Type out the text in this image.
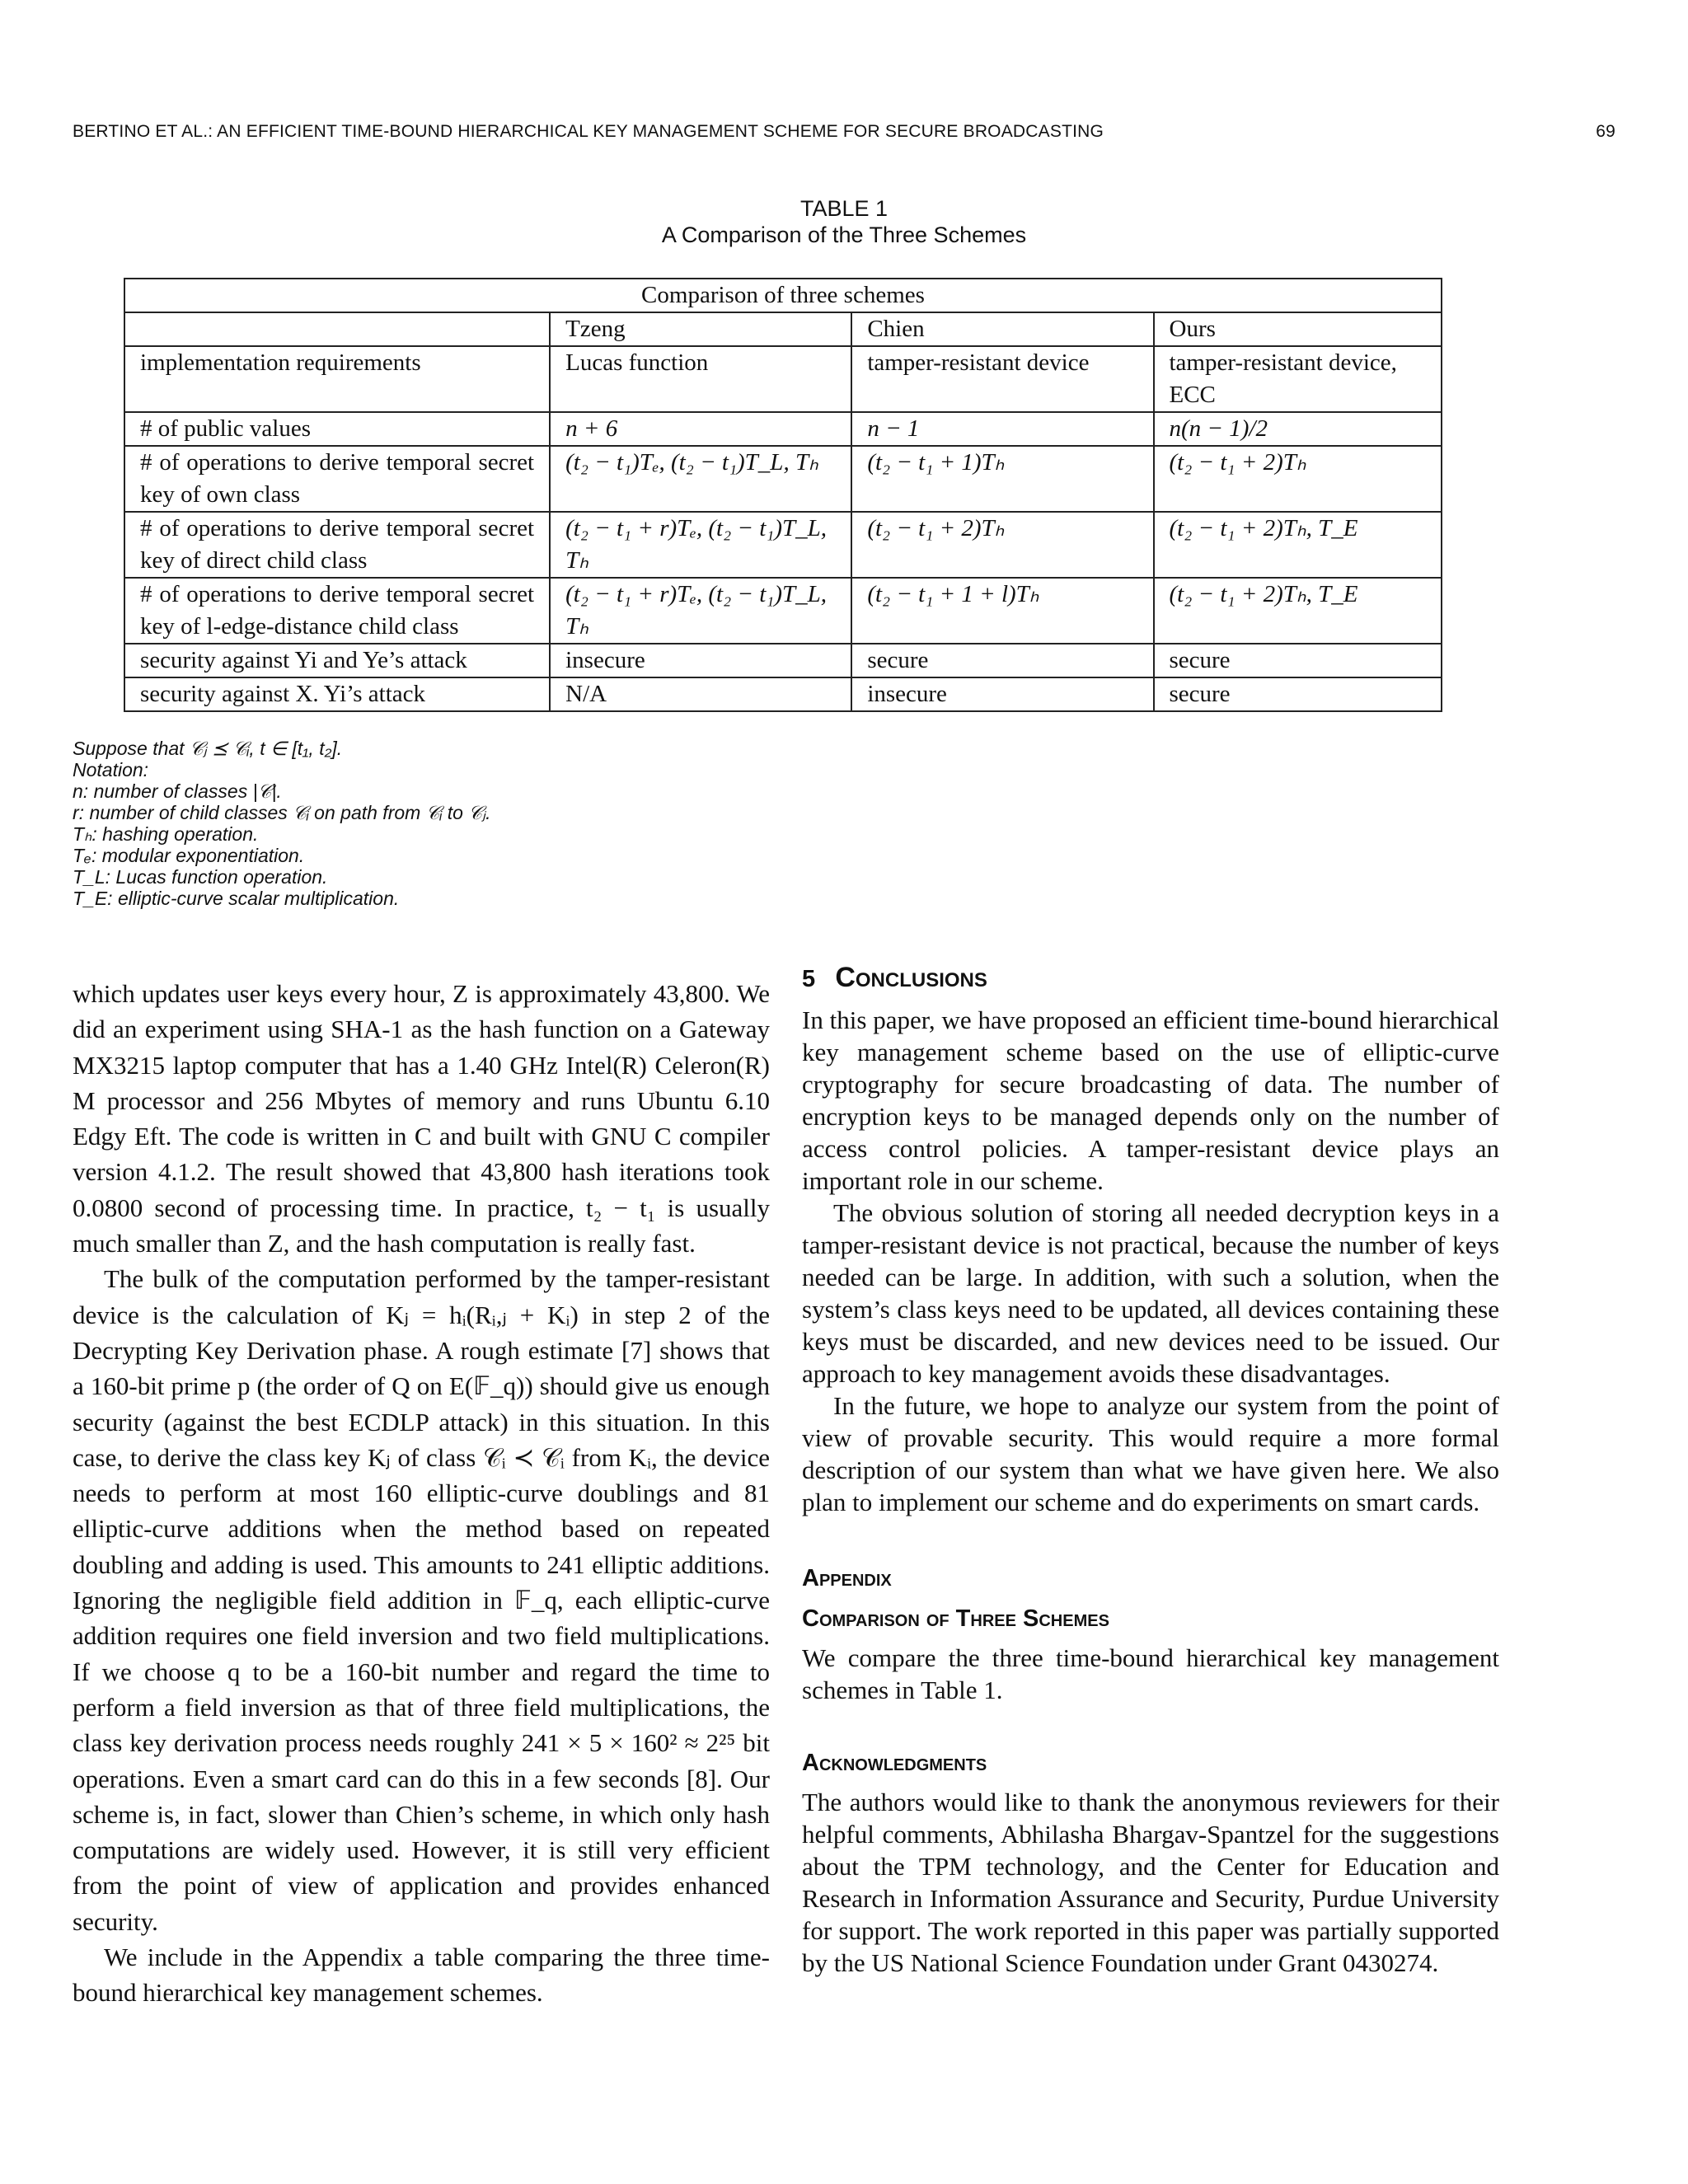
BERTINO ET AL.: AN EFFICIENT TIME-BOUND HIERARCHICAL KEY MANAGEMENT SCHEME FOR SECURE BROADCASTING	69
TABLE 1
A Comparison of the Three Schemes
Comparison of three schemes			
	Tzeng	Chien	Ours
implementation requirements	Lucas function	tamper-resistant device	tamper-resistant device, ECC
# of public values	n + 6	n − 1	n(n − 1)/2
# of operations to derive temporal secret key of own class	(t₂ − t₁)Tₑ, (t₂ − t₁)T_L, Tₕ	(t₂ − t₁ + 1)Tₕ	(t₂ − t₁ + 2)Tₕ
# of operations to derive temporal secret key of direct child class	(t₂ − t₁ + r)Tₑ, (t₂ − t₁)T_L, Tₕ	(t₂ − t₁ + 2)Tₕ	(t₂ − t₁ + 2)Tₕ, T_E
# of operations to derive temporal secret key of l-edge-distance child class	(t₂ − t₁ + r)Tₑ, (t₂ − t₁)T_L, Tₕ	(t₂ − t₁ + 1 + l)Tₕ	(t₂ − t₁ + 2)Tₕ, T_E
security against Yi and Ye’s attack	insecure	secure	secure
security against X. Yi’s attack	N/A	insecure	secure
Suppose that 𝒞ⱼ ⪯ 𝒞ᵢ, t ∈ [t₁, t₂].
Notation:
n: number of classes |𝒞|.
r: number of child classes 𝒞ᵢ on path from 𝒞ᵢ to 𝒞ⱼ.
Tₕ: hashing operation.
Tₑ: modular exponentiation.
T_L: Lucas function operation.
T_E: elliptic-curve scalar multiplication.

which updates user keys every hour, Z is approximately 43,800. We did an experiment using SHA-1 as the hash function on a Gateway MX3215 laptop computer that has a 1.40 GHz Intel(R) Celeron(R) M processor and 256 Mbytes of memory and runs Ubuntu 6.10 Edgy Eft. The code is written in C and built with GNU C compiler version 4.1.2. The result showed that 43,800 hash iterations took 0.0800 second of processing time. In practice, t₂ − t₁ is usually much smaller than Z, and the hash computation is really fast.

The bulk of the computation performed by the tamper-resistant device is the calculation of Kⱼ = hᵢ(Rᵢ,ⱼ + Kᵢ) in step 2 of the Decrypting Key Derivation phase. A rough estimate [7] shows that a 160-bit prime p (the order of Q on E(𝔽_q)) should give us enough security (against the best ECDLP attack) in this situation. In this case, to derive the class key Kⱼ of class 𝒞ᵢ ≺ 𝒞ᵢ from Kᵢ, the device needs to perform at most 160 elliptic-curve doublings and 81 elliptic-curve additions when the method based on repeated doubling and adding is used. This amounts to 241 elliptic additions. Ignoring the negligible field addition in 𝔽_q, each elliptic-curve addition requires one field inversion and two field multiplications. If we choose q to be a 160-bit number and regard the time to perform a field inversion as that of three field multiplications, the class key derivation process needs roughly 241 × 5 × 160² ≈ 2²⁵ bit operations. Even a smart card can do this in a few seconds [8]. Our scheme is, in fact, slower than Chien’s scheme, in which only hash computations are widely used. However, it is still very efficient from the point of view of application and provides enhanced security.

We include in the Appendix a table comparing the three time-bound hierarchical key management schemes.

5 Conclusions

In this paper, we have proposed an efficient time-bound hierarchical key management scheme based on the use of elliptic-curve cryptography for secure broadcasting of data. The number of encryption keys to be managed depends only on the number of access control policies. A tamper-resistant device plays an important role in our scheme.

The obvious solution of storing all needed decryption keys in a tamper-resistant device is not practical, because the number of keys needed can be large. In addition, with such a solution, when the system’s class keys need to be updated, all devices containing these keys must be discarded, and new devices need to be issued. Our approach to key management avoids these disadvantages.

In the future, we hope to analyze our system from the point of view of provable security. This would require a more formal description of our system than what we have given here. We also plan to implement our scheme and do experiments on smart cards.

Appendix
Comparison of Three Schemes

We compare the three time-bound hierarchical key management schemes in Table 1.

Acknowledgments

The authors would like to thank the anonymous reviewers for their helpful comments, Abhilasha Bhargav-Spantzel for the suggestions about the TPM technology, and the Center for Education and Research in Information Assurance and Security, Purdue University for support. The work reported in this paper was partially supported by the US National Science Foundation under Grant 0430274.
